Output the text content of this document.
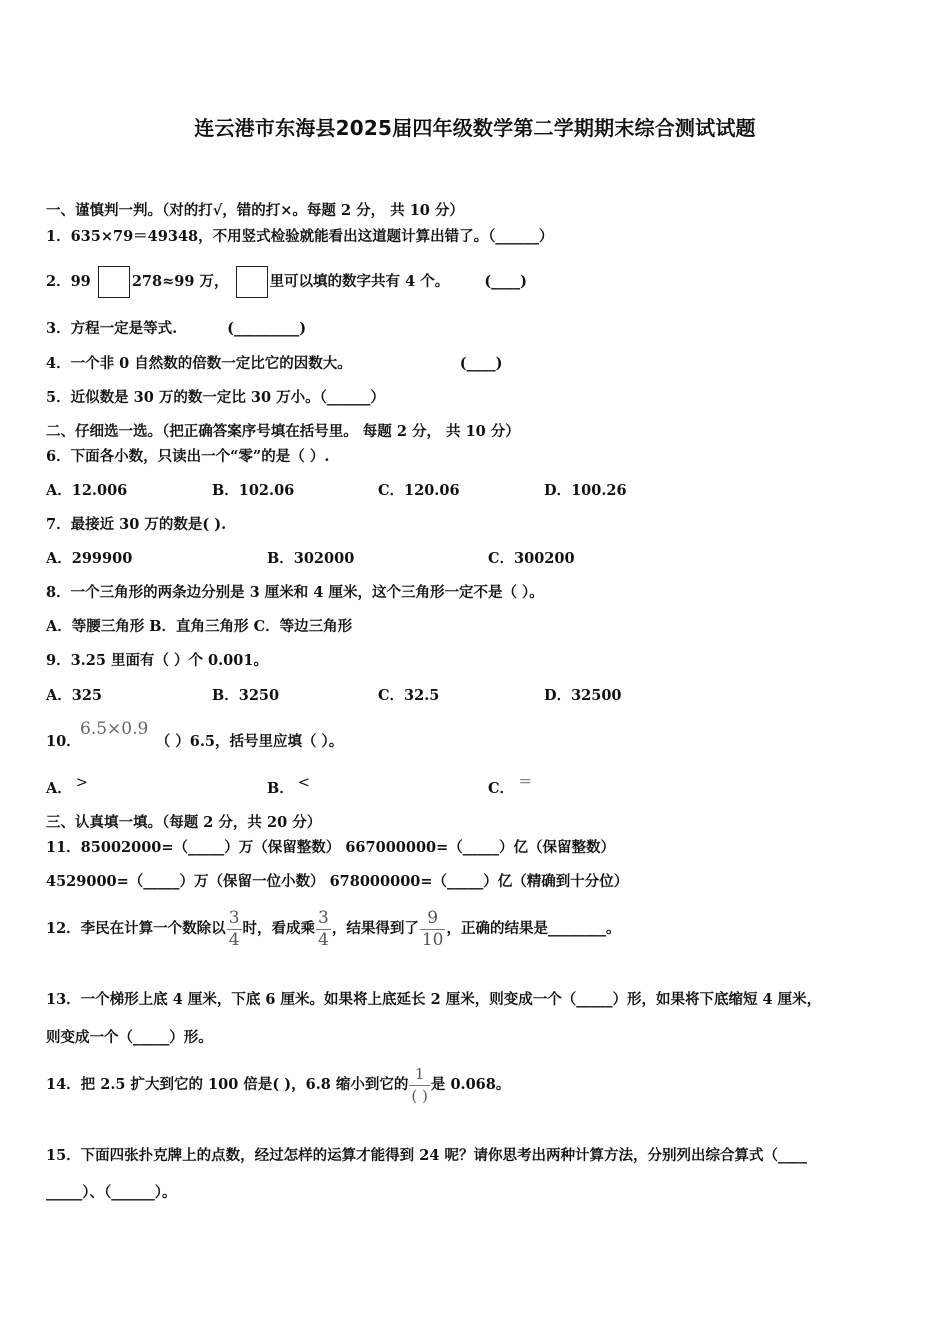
连云港市东海县2025届四年级数学第二学期期末综合测试试题
一、谨慎判一判。（对的打√，错的打×。每题 2 分， 共 10 分）
1．635×79＝49348，不用竖式检验就能看出这道题计算出错了。（______）
2．99	278≈99 万，	里可以填的数字共有 4 个。 (____)
3．方程一定是等式.	(_________)
4．一个非 0 自然数的倍数一定比它的因数大。	(____)
5．近似数是 30 万的数一定比 30 万小。（______）
二、仔细选一选。（把正确答案序号填在括号里。 每题 2 分， 共 10 分）
6．下面各小数，只读出一个“零”的是（ ）.
A．12.006	B．102.06	C．120.06	D．100.26
7．最接近 30 万的数是( ).
A．299900	B．302000	C．300200
8．一个三角形的两条边分别是 3 厘米和 4 厘米，这个三角形一定不是（ ）。
A．等腰三角形 B．直角三角形 C．等边三角形
9．3.25 里面有（ ）个 0.001。
A．325	B．3250	C．32.5	D．32500
6.5×0.9
10．	（ ）6.5，括号里应填（ ）。
A． >	B． <	C． ＝
三、认真填一填。（每题 2 分，共 20 分）
11．85002000=（_____）万（保留整数） 667000000=（_____）亿（保留整数）
4529000=（_____）万（保留一位小数） 678000000=（_____）亿（精确到十分位）
12．李民在计算一个数除以 $\frac{3}{4}$ 时，看成乘 $\frac{3}{4}$ ，结果得到了 $\frac{9}{10}$ ，正确的结果是________。
13．一个梯形上底 4 厘米，下底 6 厘米。如果将上底延长 2 厘米，则变成一个（_____）形，如果将下底缩短 4 厘米，
则变成一个（_____）形。
14．把 2.5 扩大到它的 100 倍是( )，6.8 缩小到它的 $\frac{1}{( )}$ 是 0.068。
15．下面四张扑克牌上的点数，经过怎样的运算才能得到 24 呢？请你思考出两种计算方法，分别列出综合算式（____
_____）、（______）。
